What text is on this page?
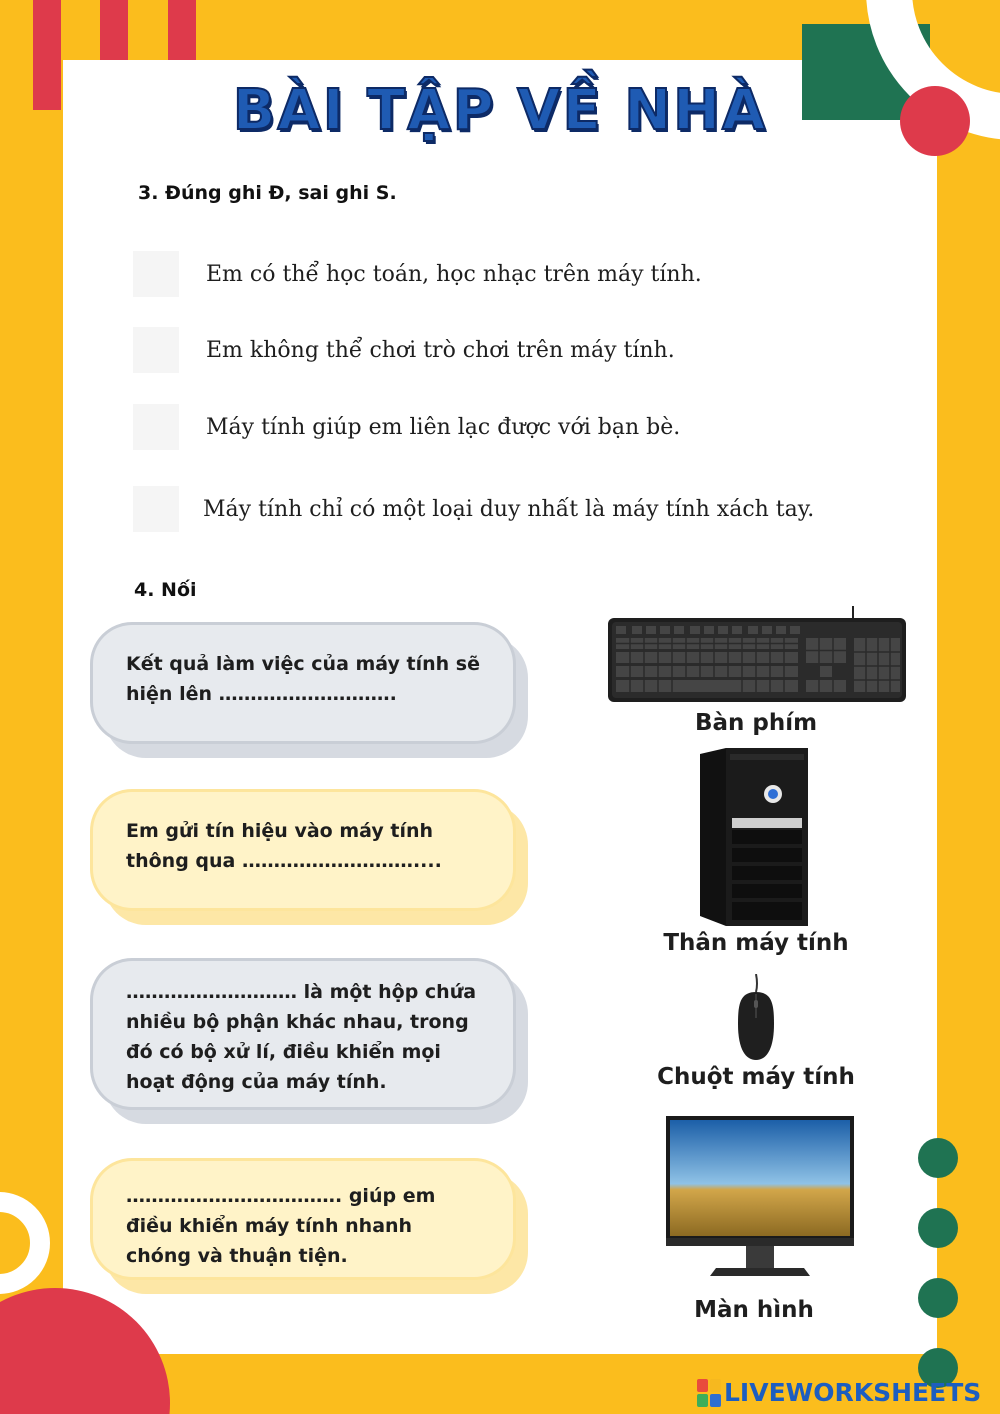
BÀI TẬP VỀ NHÀ
3. Đúng ghi Đ, sai ghi S.
Em có thể học toán, học nhạc trên máy tính.
Em không thể chơi trò chơi trên máy tính.
Máy tính giúp em liên lạc được với bạn bè.
Máy tính chỉ có một loại duy nhất là máy tính xách tay.
4. Nối
Kết quả làm việc của máy tính sẽ hiện lên ……………………….
Em gửi tín hiệu vào máy tính thông qua ………………………....
……………………… là một hộp chứa nhiều bộ phận khác nhau, trong đó có bộ xử lí, điều khiển mọi hoạt động của máy tính.
……………………………. giúp em điều khiển máy tính nhanh chóng và thuận tiện.
Bàn phím
Thân máy tính
Chuột máy tính
Màn hình
LIVEWORKSHEETS
